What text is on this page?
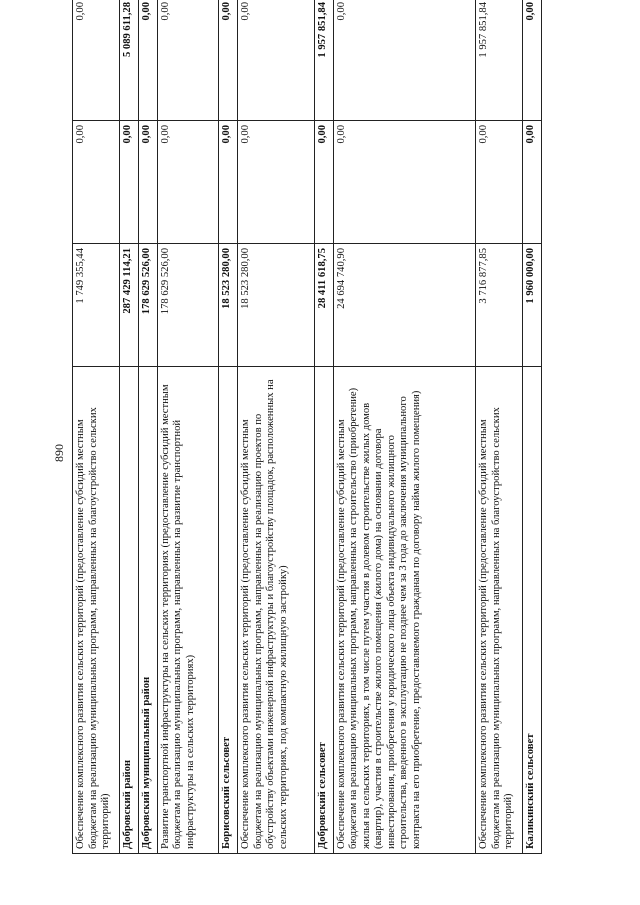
890 Обеспечение комплексного развития сельских территорий (предоставление субсидий местным бюджетам на реализацию муниципальных программ, направленных на благоустройство сельских территорий)	1 749 355,44	0,00	0,00
Добровский район	287 429 114,21	0,00	5 089 611,28
Добровский муниципальный район	178 629 526,00	0,00	0,00
Развитие транспортной инфраструктуры на сельских территориях (предоставление субсидий местным бюджетам на реализацию муниципальных программ, направленных на развитие транспортной инфраструктуры на сельских территориях)	178 629 526,00	0,00	0,00
Борисовский сельсовет	18 523 280,00	0,00	0,00
Обеспечение комплексного развития сельских территорий (предоставление субсидий местным бюджетам на реализацию муниципальных программ, направленных на реализацию проектов по обустройству объектами инженерной инфраструктуры и благоустройству площадок, расположенных на сельских территориях, под компактную жилищную застройку)	18 523 280,00	0,00	0,00
Добровский сельсовет	28 411 618,75	0,00	1 957 851,84
Обеспечение комплексного развития сельских территорий (предоставление субсидий местным бюджетам на реализацию муниципальных программ, направленных на строительство (приобретение) жилья на сельских территориях, в том числе путем участия в долевом строительстве жилых домов (квартир), участия в строительстве жилого помещения (жилого дома) на основании договора инвестирования, приобретения у юридического лица объекта индивидуального жилищного строительства, введенного в эксплуатацию не позднее чем за 3 года до заключения муниципального контракта на его приобретение, предоставляемого гражданам по договору найма жилого помещения)	24 694 740,90	0,00	0,00
Обеспечение комплексного развития сельских территорий (предоставление субсидий местным бюджетам на реализацию муниципальных программ, направленных на благоустройство сельских территорий)	3 716 877,85	0,00	1 957 851,84
Каликинский сельсовет	1 960 000,00	0,00	0,00
